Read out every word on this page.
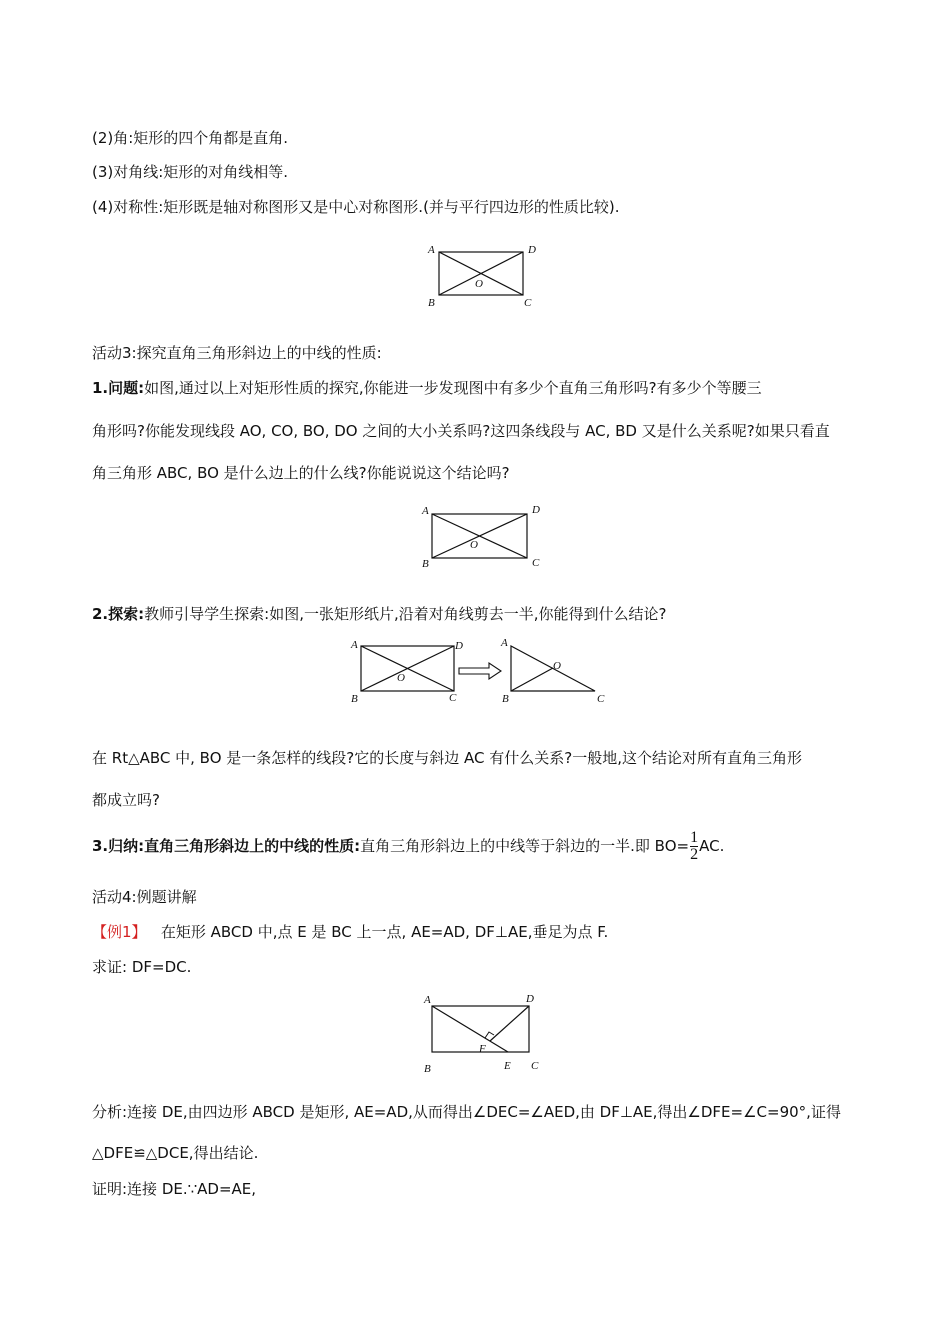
(2)角:矩形的四个角都是直角.
(3)对角线:矩形的对角线相等.
(4)对称性:矩形既是轴对称图形又是中心对称图形.(并与平行四边形的性质比较).
A	D
B	C
O
活动3:探究直角三角形斜边上的中线的性质:
1.问题:如图,通过以上对矩形性质的探究,你能进一步发现图中有多少个直角三角形吗?有多少个等腰三
角形吗?你能发现线段 AO, CO, BO, DO 之间的大小关系吗?这四条线段与 AC, BD 又是什么关系呢?如果只看直
角三角形 ABC, BO 是什么边上的什么线?你能说说这个结论吗?
A	D
B	C
O
2.探索:教师引导学生探索:如图,一张矩形纸片,沿着对角线剪去一半,你能得到什么结论?
A	D
B	C
O
A
O
B	C
在 Rt△ABC 中, BO 是一条怎样的线段?它的长度与斜边 AC 有什么关系?一般地,这个结论对所有直角三角形
都成立吗?
3.归纳:直角三角形斜边上的中线的性质:直角三角形斜边上的中线等于斜边的一半.即 $BO= \frac{1}{2}$ AC.
活动4:例题讲解
【例1】 在矩形 ABCD 中,点 E 是 BC 上一点, AE=AD, DF⊥AE,垂足为点 F.
求证: DF=DC.
A	D
B	E C
F
分析:连接 DE,由四边形 ABCD 是矩形, AE=AD,从而得出∠DEC=∠AED,由 DF⊥AE,得出∠DFE=∠C=90°,证得
△DFE≌△DCE,得出结论.
证明:连接 DE.∵AD=AE,
